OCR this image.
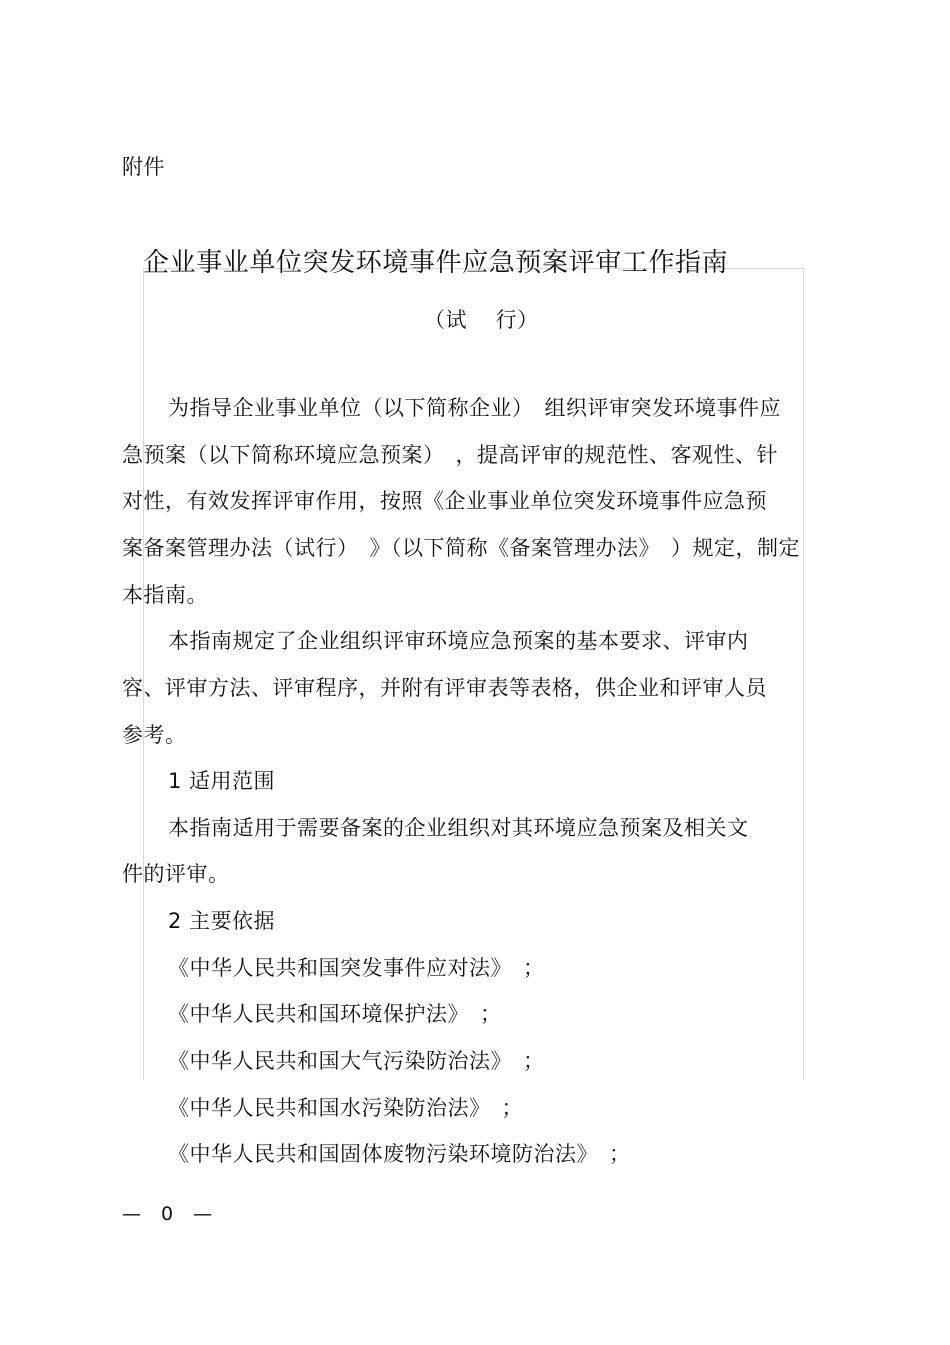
附件
企业事业单位突发环境事件应急预案评审工作指南
（试　 行）
为指导企业事业单位（以下简称企业）　组织评审突发环境事件应
急预案（以下简称环境应急预案）　，提高评审的规范性、客观性、针
对性，有效发挥评审作用，按照《企业事业单位突发环境事件应急预
案备案管理办法（试行）　》（以下简称《备案管理办法》　）规定，制定
本指南。
本指南规定了企业组织评审环境应急预案的基本要求、评审内
容、评审方法、评审程序，并附有评审表等表格，供企业和评审人员
参考。
1 适用范围
本指南适用于需要备案的企业组织对其环境应急预案及相关文
件的评审。
2 主要依据
《中华人民共和国突发事件应对法》　；
《中华人民共和国环境保护法》　；
《中华人民共和国大气污染防治法》　；
《中华人民共和国水污染防治法》　；
《中华人民共和国固体废物污染环境防治法》　；
—　0　—
